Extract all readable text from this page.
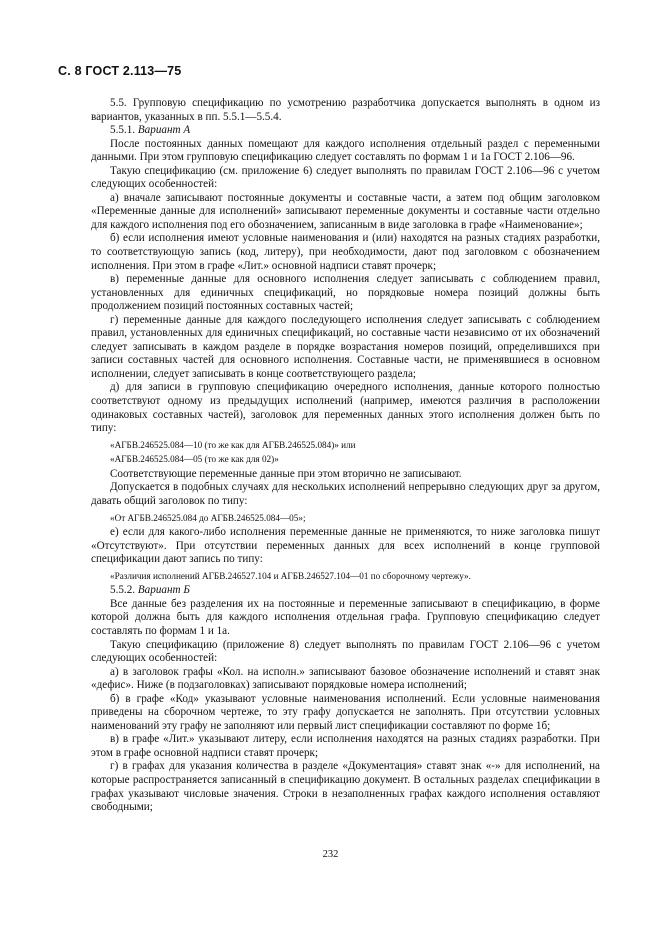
С. 8 ГОСТ 2.113—75

5.5. Групповую спецификацию по усмотрению разработчика допускается выполнять в одном из вариантов, указанных в пп. 5.5.1—5.5.4.

5.5.1. Вариант А

После постоянных данных помещают для каждого исполнения отдельный раздел с переменными данными. При этом групповую спецификацию следует составлять по формам 1 и 1а ГОСТ 2.106—96.

Такую спецификацию (см. приложение 6) следует выполнять по правилам ГОСТ 2.106—96 с учетом следующих особенностей:

а) вначале записывают постоянные документы и составные части, а затем под общим заголовком «Переменные данные для исполнений» записывают переменные документы и составные части отдельно для каждого исполнения под его обозначением, записанным в виде заголовка в графе «Наименование»;

б) если исполнения имеют условные наименования и (или) находятся на разных стадиях разработки, то соответствующую запись (код, литеру), при необходимости, дают под заголовком с обозначением исполнения. При этом в графе «Лит.» основной надписи ставят прочерк;

в) переменные данные для основного исполнения следует записывать с соблюдением правил, установленных для единичных спецификаций, но порядковые номера позиций должны быть продолжением позиций постоянных составных частей;

г) переменные данные для каждого последующего исполнения следует записывать с соблюдением правил, установленных для единичных спецификаций, но составные части независимо от их обозначений следует записывать в каждом разделе в порядке возрастания номеров позиций, определившихся при записи составных частей для основного исполнения. Составные части, не применявшиеся в основном исполнении, следует записывать в конце соответствующего раздела;

д) для записи в групповую спецификацию очередного исполнения, данные которого полностью соответствуют одному из предыдущих исполнений (например, имеются различия в расположении одинаковых составных частей), заголовок для переменных данных этого исполнения должен быть по типу:

«АГБВ.246525.084—10 (то же как для АГБВ.246525.084)» или

«АГБВ.246525.084—05 (то же как для 02)»

Соответствующие переменные данные при этом вторично не записывают.

Допускается в подобных случаях для нескольких исполнений непрерывно следующих друг за другом, давать общий заголовок по типу:

«От АГБВ.246525.084 до АГБВ.246525.084—05»;

е) если для какого-либо исполнения переменные данные не применяются, то ниже заголовка пишут «Отсутствуют». При отсутствии переменных данных для всех исполнений в конце групповой спецификации дают запись по типу:

«Различия исполнений АГБВ.246527.104 и АГБВ.246527.104—01 по сборочному чертежу».

5.5.2. Вариант Б

Все данные без разделения их на постоянные и переменные записывают в спецификацию, в форме которой должна быть для каждого исполнения отдельная графа. Групповую спецификацию следует составлять по формам 1 и 1а.

Такую спецификацию (приложение 8) следует выполнять по правилам ГОСТ 2.106—96 с учетом следующих особенностей:

а) в заголовок графы «Кол. на исполн.» записывают базовое обозначение исполнений и ставят знак «дефис». Ниже (в подзаголовках) записывают порядковые номера исполнений;

б) в графе «Код» указывают условные наименования исполнений. Если условные наименования приведены на сборочном чертеже, то эту графу допускается не заполнять. При отсутствии условных наименований эту графу не заполняют или первый лист спецификации составляют по форме 1б;

в) в графе «Лит.» указывают литеру, если исполнения находятся на разных стадиях разработки. При этом в графе основной надписи ставят прочерк;

г) в графах для указания количества в разделе «Документация» ставят знак «-» для исполнений, на которые распространяется записанный в спецификацию документ. В остальных разделах спецификации в графах указывают числовые значения. Строки в незаполненных графах каждого исполнения оставляют свободными;

232
